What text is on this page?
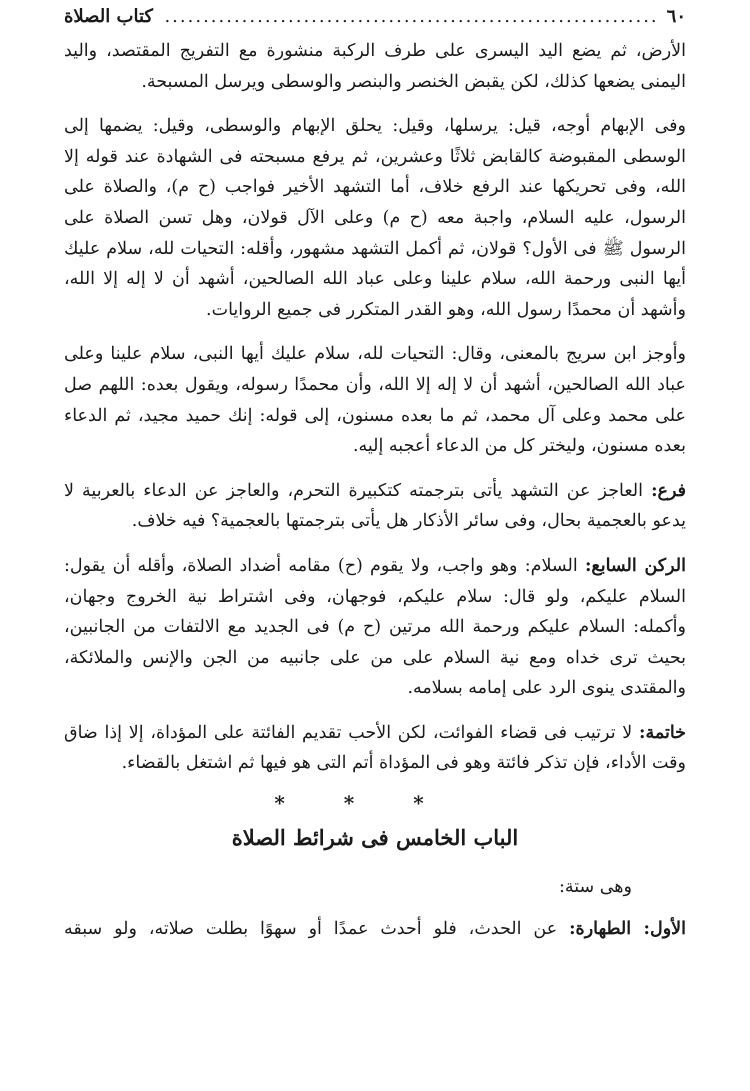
٦٠
.....
كتاب الصلاة

الأرض، ثم يضع اليد اليسرى على طرف الركبة منشورة مع التفريج المقتصد، واليد اليمنى يضعها كذلك، لكن يقبض الخنصر والبنصر والوسطى ويرسل المسبحة.

وفى الإبهام أوجه، قيل: يرسلها، وقيل: يحلق الإبهام والوسطى، وقيل: يضمها إلى الوسطى المقبوضة كالقابض ثلاثًا وعشرين، ثم يرفع مسبحته فى الشهادة عند قوله إلا الله، وفى تحريكها عند الرفع خلاف، أما التشهد الأخير فواجب (ح م)، والصلاة على الرسول، عليه السلام، واجبة معه (ح م) وعلى الآل قولان، وهل تسن الصلاة على الرسول ﷺ فى الأول؟ قولان، ثم أكمل التشهد مشهور، وأقله: التحيات لله، سلام عليك أيها النبى ورحمة الله، سلام علينا وعلى عباد الله الصالحين، أشهد أن لا إله إلا الله، وأشهد أن محمدًا رسول الله، وهو القدر المتكرر فى جميع الروايات.

وأوجز ابن سريج بالمعنى، وقال: التحيات لله، سلام عليك أيها النبى، سلام علينا وعلى عباد الله الصالحين، أشهد أن لا إله إلا الله، وأن محمدًا رسوله، ويقول بعده: اللهم صل على محمد وعلى آل محمد، ثم ما بعده مسنون، إلى قوله: إنك حميد مجيد، ثم الدعاء بعده مسنون، وليختر كل من الدعاء أعجبه إليه.

فرع: العاجز عن التشهد يأتى بترجمته كتكبيرة التحرم، والعاجز عن الدعاء بالعربية لا يدعو بالعجمية بحال، وفى سائر الأذكار هل يأتى بترجمتها بالعجمية؟ فيه خلاف.

الركن السابع: السلام: وهو واجب، ولا يقوم (ح) مقامه أضداد الصلاة، وأقله أن يقول: السلام عليكم، ولو قال: سلام عليكم، فوجهان، وفى اشتراط نية الخروج وجهان، وأكمله: السلام عليكم ورحمة الله مرتين (ح م) فى الجديد مع الالتفات من الجانبين، بحيث ترى خداه ومع نية السلام على من على جانبيه من الجن والإنس والملائكة، والمقتدى ينوى الرد على إمامه بسلامه.

خاتمة: لا ترتيب فى قضاء الفوائت، لكن الأحب تقديم الفائتة على المؤداة، إلا إذا ضاق وقت الأداء، فإن تذكر فائتة وهو فى المؤداة أتم التى هو فيها ثم اشتغل بالقضاء.

* * *
الباب الخامس فى شرائط الصلاة

وهى ستة:

الأول: الطهارة: عن الحدث، فلو أحدث عمدًا أو سهوًا بطلت صلاته، ولو سبقه
